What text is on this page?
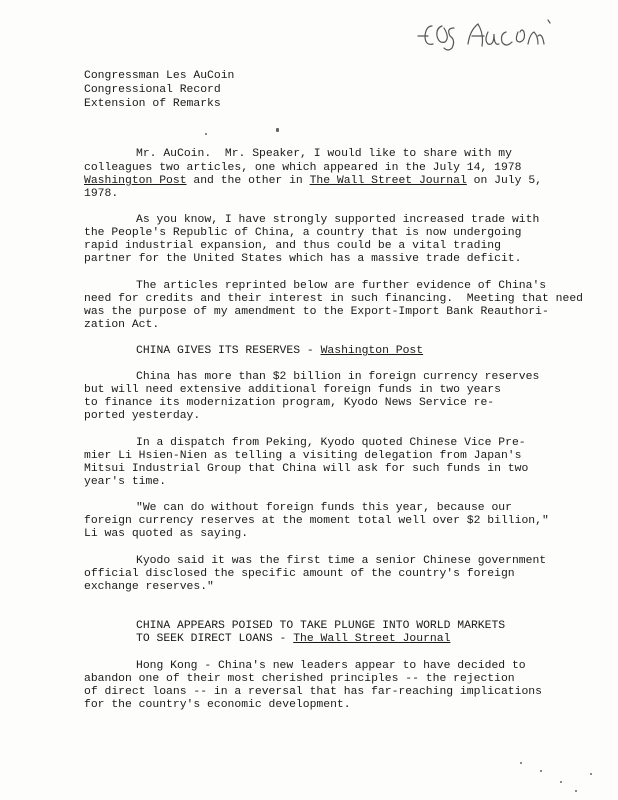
Congressman Les AuCoin
Congressional Record
Extension of Remarks
Mr. AuCoin.  Mr. Speaker, I would like to share with my
colleagues two articles, one which appeared in the July 14, 1978
Washington Post and the other in The Wall Street Journal on July 5,
1978.
As you know, I have strongly supported increased trade with
the People's Republic of China, a country that is now undergoing
rapid industrial expansion, and thus could be a vital trading
partner for the United States which has a massive trade deficit.
The articles reprinted below are further evidence of China's
need for credits and their interest in such financing.  Meeting that need
was the purpose of my amendment to the Export-Import Bank Reauthori-
zation Act.
CHINA GIVES ITS RESERVES - Washington Post
China has more than $2 billion in foreign currency reserves
but will need extensive additional foreign funds in two years
to finance its modernization program, Kyodo News Service re-
ported yesterday.
In a dispatch from Peking, Kyodo quoted Chinese Vice Pre-
mier Li Hsien-Nien as telling a visiting delegation from Japan's
Mitsui Industrial Group that China will ask for such funds in two
year's time.
"We can do without foreign funds this year, because our
foreign currency reserves at the moment total well over $2 billion,"
Li was quoted as saying.
Kyodo said it was the first time a senior Chinese government
official disclosed the specific amount of the country's foreign
exchange reserves."
CHINA APPEARS POISED TO TAKE PLUNGE INTO WORLD MARKETS
TO SEEK DIRECT LOANS - The Wall Street Journal
Hong Kong - China's new leaders appear to have decided to
abandon one of their most cherished principles -- the rejection
of direct loans -- in a reversal that has far-reaching implications
for the country's economic development.
